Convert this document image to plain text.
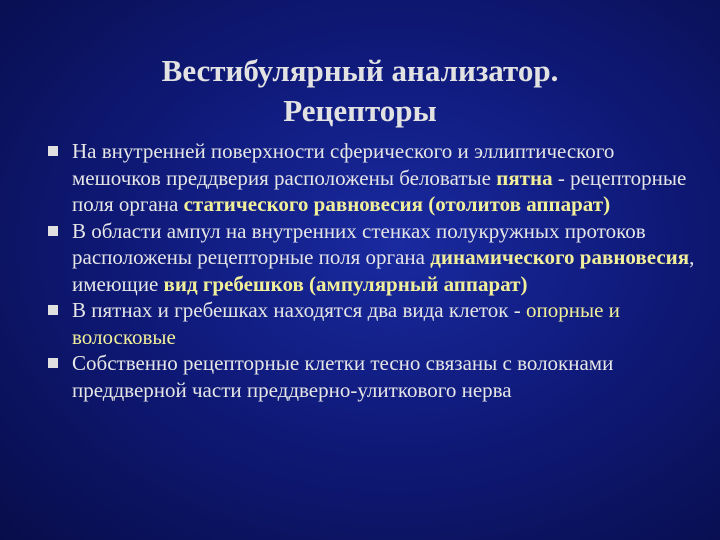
Вестибулярный анализатор.
Рецепторы
На внутренней поверхности сферического и эллиптического мешочков преддверия расположены беловатые пятна - рецепторные поля органа статического равновесия (отолитов аппарат)
В области ампул на внутренних стенках полукружных протоков расположены рецепторные поля органа динамического равновесия, имеющие вид гребешков (ампулярный аппарат)
В пятнах и гребешках находятся два вида клеток - опорные и волосковые
Собственно рецепторные клетки тесно связаны с волокнами преддверной части преддверно-улиткового нерва
